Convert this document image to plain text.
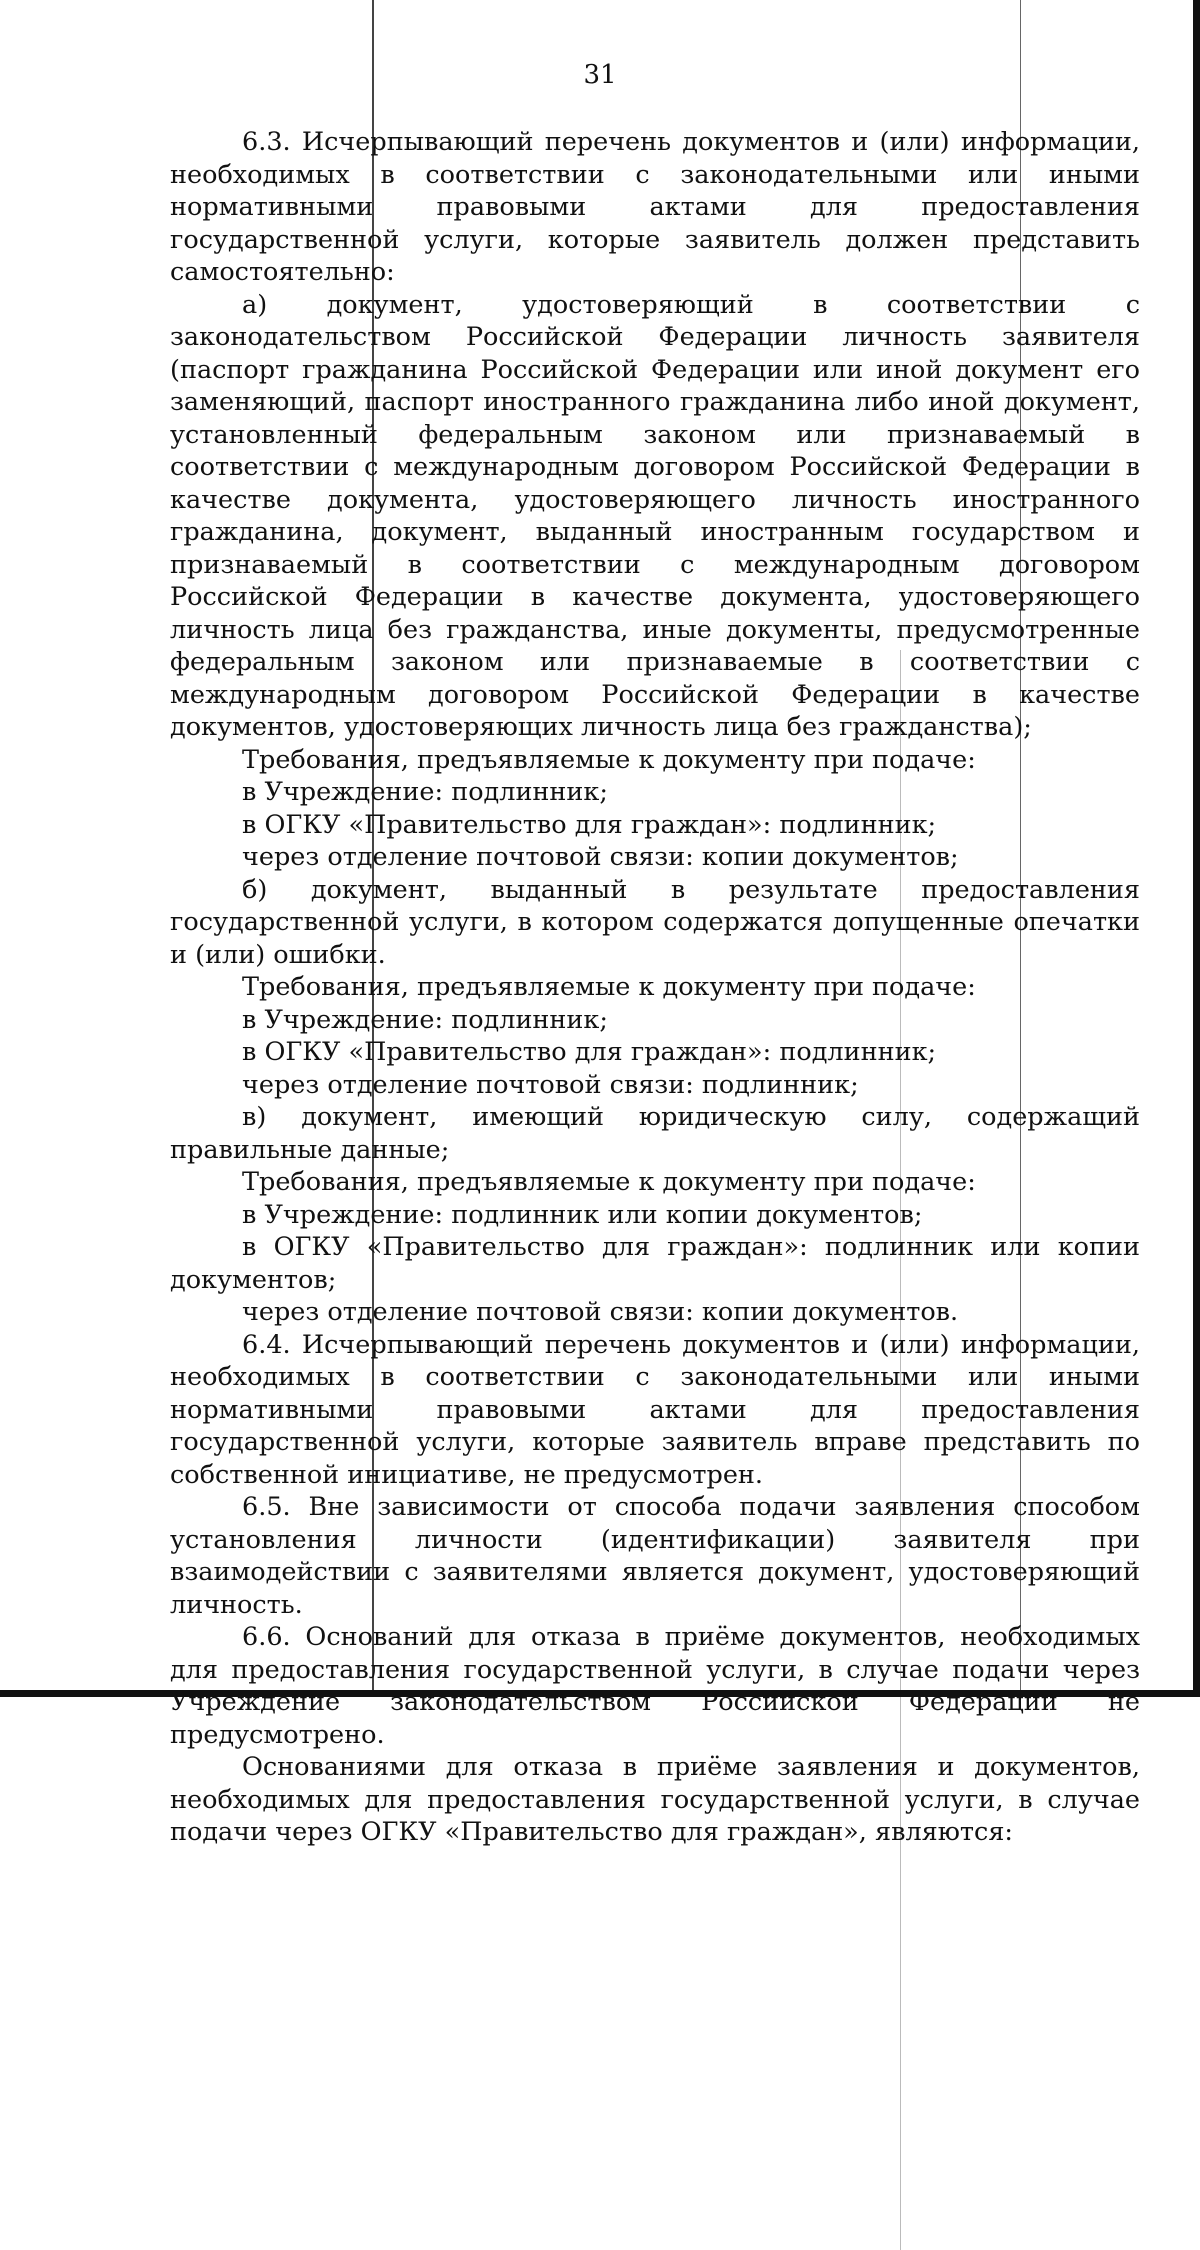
31

6.3. Исчерпывающий перечень документов и (или) информации, необходимых в соответствии с законодательными или иными нормативными правовыми актами для предоставления государственной услуги, которые заявитель должен представить самостоятельно:

а) документ, удостоверяющий в соответствии с законодательством Российской Федерации личность заявителя (паспорт гражданина Российской Федерации или иной документ его заменяющий, паспорт иностранного гражданина либо иной документ, установленный федеральным законом или признаваемый в соответствии с международным договором Российской Федерации в качестве документа, удостоверяющего личность иностранного гражданина, документ, выданный иностранным государством и признаваемый в соответствии с международным договором Российской Федерации в качестве документа, удостоверяющего личность лица без гражданства, иные документы, предусмотренные федеральным законом или признаваемые в соответствии с международным договором Российской Федерации в качестве документов, удостоверяющих личность лица без гражданства);

Требования, предъявляемые к документу при подаче:

в Учреждение: подлинник;

в ОГКУ «Правительство для граждан»: подлинник;

через отделение почтовой связи: копии документов;

б) документ, выданный в результате предоставления государственной услуги, в котором содержатся допущенные опечатки и (или) ошибки.

Требования, предъявляемые к документу при подаче:

в Учреждение: подлинник;

в ОГКУ «Правительство для граждан»: подлинник;

через отделение почтовой связи: подлинник;

в) документ, имеющий юридическую силу, содержащий правильные данные;

Требования, предъявляемые к документу при подаче:

в Учреждение: подлинник или копии документов;

в ОГКУ «Правительство для граждан»: подлинник или копии документов;

через отделение почтовой связи: копии документов.

6.4. Исчерпывающий перечень документов и (или) информации, необходимых в соответствии с законодательными или иными нормативными правовыми актами для предоставления государственной услуги, которые заявитель вправе представить по собственной инициативе, не предусмотрен.

6.5. Вне зависимости от способа подачи заявления способом установления личности (идентификации) заявителя при взаимодействии с заявителями является документ, удостоверяющий личность.

6.6. Оснований для отказа в приёме документов, необходимых для предоставления государственной услуги, в случае подачи через Учреждение законодательством Российской Федерации не предусмотрено.

Основаниями для отказа в приёме заявления и документов, необходимых для предоставления государственной услуги, в случае подачи через ОГКУ «Правительство для граждан», являются:
